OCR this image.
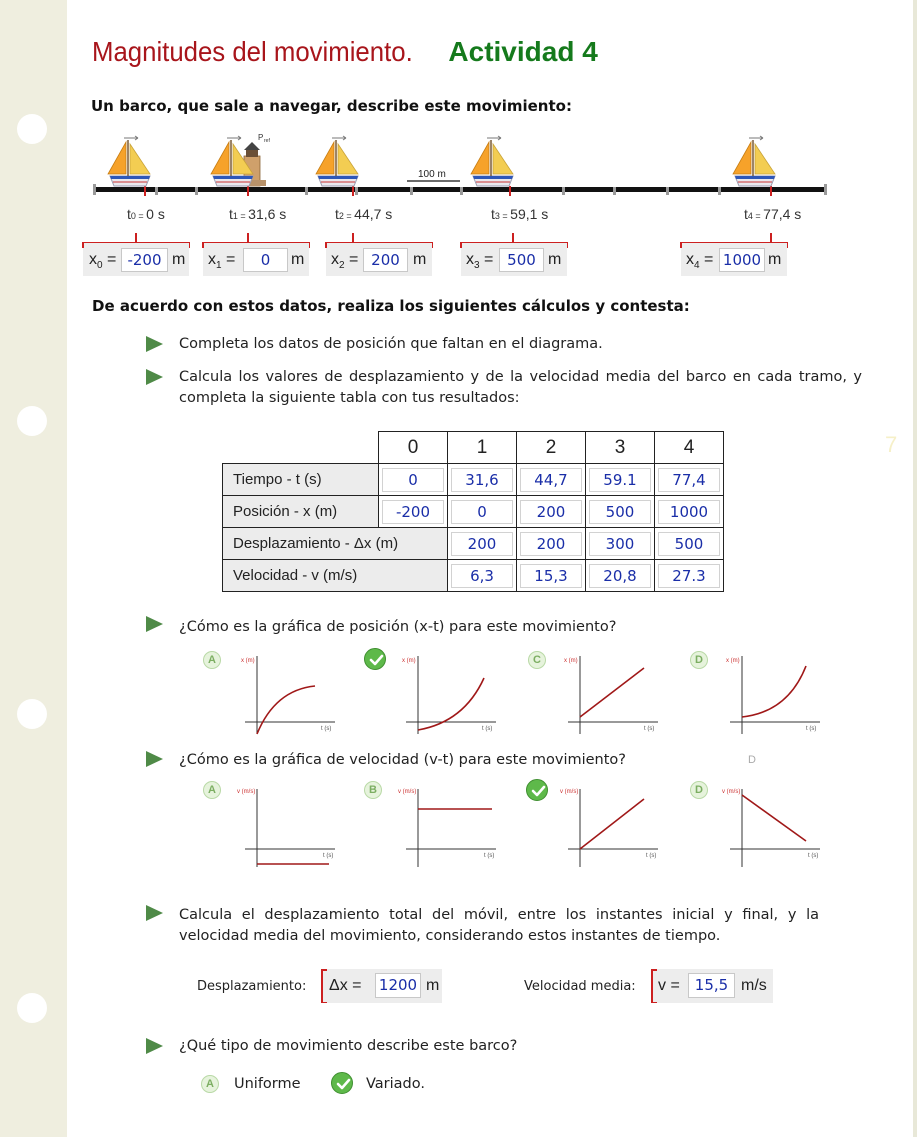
7
Magnitudes del movimiento. Actividad 4
Un barco, que sale a navegar, describe este movimiento:
P ref
100 m
t0 = 0 s	t1 = 31,6 s	t2 = 44,7 s	t3 = 59,1 s	t4 = 77,4 s
$x_0 = -200$ m $x_1$ =	0	m $x_2 = 200$ m $x_3 = 500$ m	$x_4 = 1000$ m
De acuerdo con estos datos, realiza los siguientes cálculos y contesta:
Completa los datos de posición que faltan en el diagrama.
Calcula los valores de desplazamiento y de la velocidad media del barco en cada tramo, y completa la siguiente tabla con tus resultados:
	0	1	2	3	4
Tiempo - t (s)	0	31,6	44,7	59.1	77,4

Posición - x (m)	-200	0	200	500	1000

Desplazamiento - Δx (m)		200	200	300	500

Velocidad - v (m/s)		6,3	15,3	20,8	27.3
¿Cómo es la gráfica de posición (x-t) para este movimiento?
A	C	D
x (m)
t (s)
x (m)
t (s)
x (m)
t (s)
x (m)
t (s)
¿Cómo es la gráfica de velocidad (v-t) para este movimiento?	D
A	B	D
v (m/s)
t (s)
v (m/s)
t (s)
v (m/s)
t (s)
v (m/s)
t (s)
Calcula el desplazamiento total del móvil, entre los instantes inicial y final, y la velocidad media del movimiento, considerando estos instantes de tiempo.
Desplazamiento: Δx = 1200 m	Velocidad media: v =	15,5 m/s
¿Qué tipo de movimiento describe este barco?
A	Uniforme	Variado.
